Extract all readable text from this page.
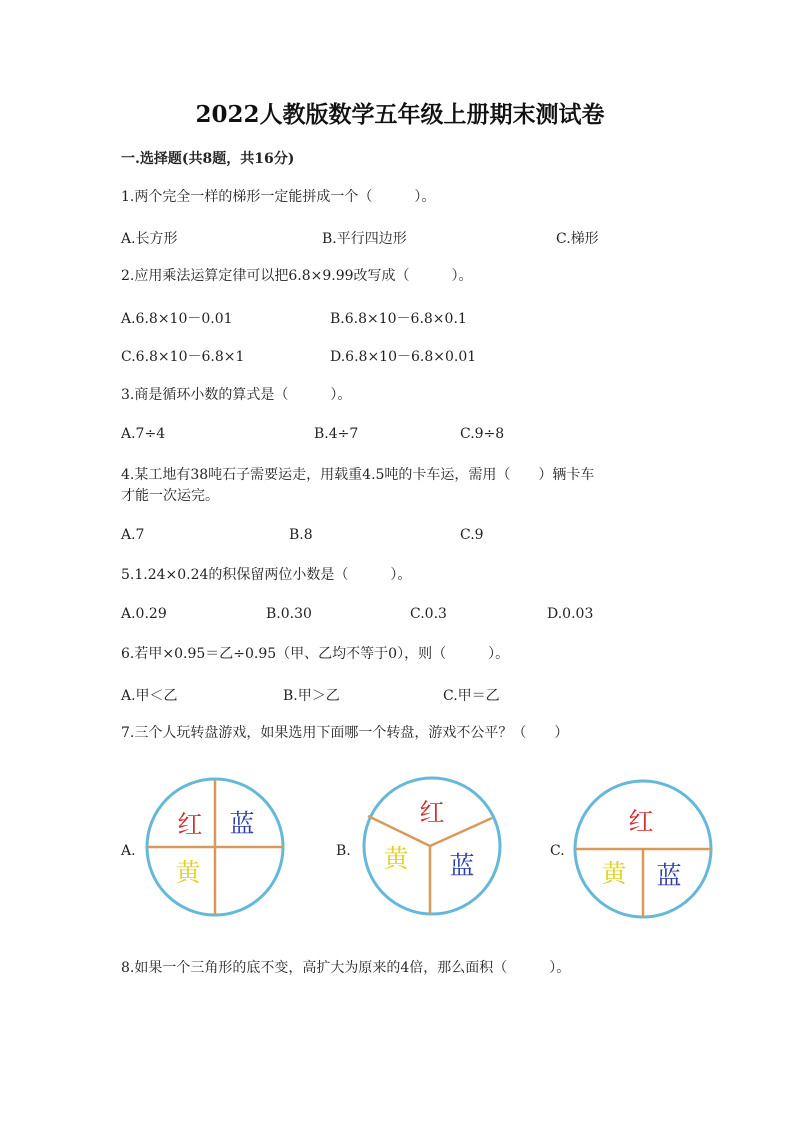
2022人教版数学五年级上册期末测试卷
一.选择题(共8题，共16分)
1.两个完全一样的梯形一定能拼成一个（　　　）。
A.长方形	B.平行四边形	C.梯形
2.应用乘法运算定律可以把6.8×9.99改写成（　　　）。
A.6.8×10－0.01	B.6.8×10－6.8×0.1
C.6.8×10－6.8×1	D.6.8×10－6.8×0.01
3.商是循环小数的算式是（　　　）。
A.7÷4	B.4÷7	C.9÷8
4.某工地有38吨石子需要运走，用载重4.5吨的卡车运，需用（　　）辆卡车
才能一次运完。
A.7	B.8	C.9
5.1.24×0.24的积保留两位小数是（　　　）。
A.0.29	B.0.30	C.0.3	D.0.03
6.若甲×0.95＝乙÷0.95（甲、乙均不等于0），则（　　　）。
A.甲＜乙	B.甲＞乙	C.甲＝乙
7.三个人玩转盘游戏，如果选用下面哪一个转盘，游戏不公平？（　　）
A.
红 蓝
黄
B.
红
黄 蓝	C.
红
黄 蓝
8.如果一个三角形的底不变，高扩大为原来的4倍，那么面积（　　　）。
